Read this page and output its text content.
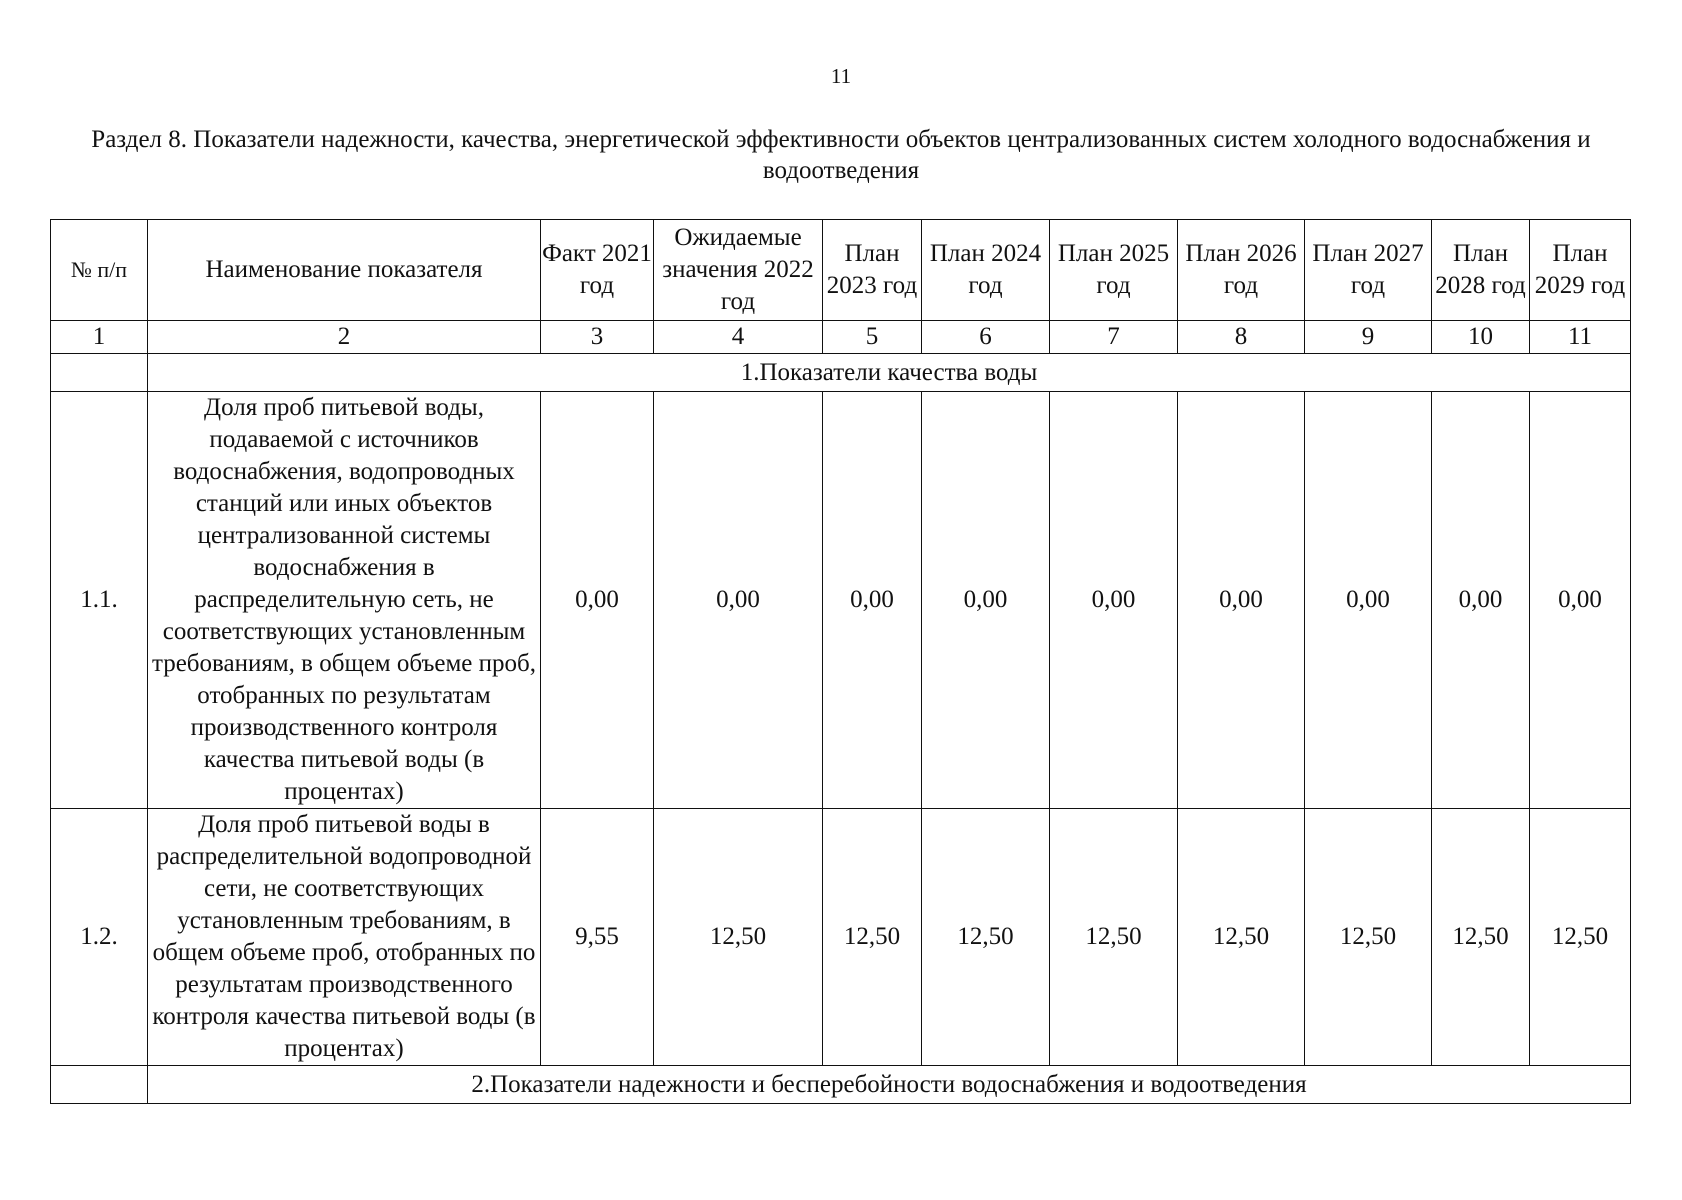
11
Раздел 8. Показатели надежности, качества, энергетической эффективности объектов централизованных систем холодного водоснабжения и водоотведения
№ п/п	Наименование показателя	Факт 2021 год	Ожидаемые значения 2022 год	План 2023 год	План 2024 год	План 2025 год	План 2026 год	План 2027 год	План 2028 год	План 2029 год
1	2	3	4	5	6	7	8	9	10	11
	1.Показатели качества воды									
1.1.	Доля проб питьевой воды, подаваемой с источников водоснабжения, водопроводных станций или иных объектов централизованной системы водоснабжения в распределительную сеть, не соответствующих установленным требованиям, в общем объеме проб, отобранных по результатам производственного контроля качества питьевой воды (в процентах)	0,00	0,00	0,00	0,00	0,00	0,00	0,00	0,00	0,00
1.2.	Доля проб питьевой воды в распределительной водопроводной сети, не соответствующих установленным требованиям, в общем объеме проб, отобранных по результатам производственного контроля качества питьевой воды (в процентах)	9,55	12,50	12,50	12,50	12,50	12,50	12,50	12,50	12,50
	2.Показатели надежности и бесперебойности водоснабжения и водоотведения									
